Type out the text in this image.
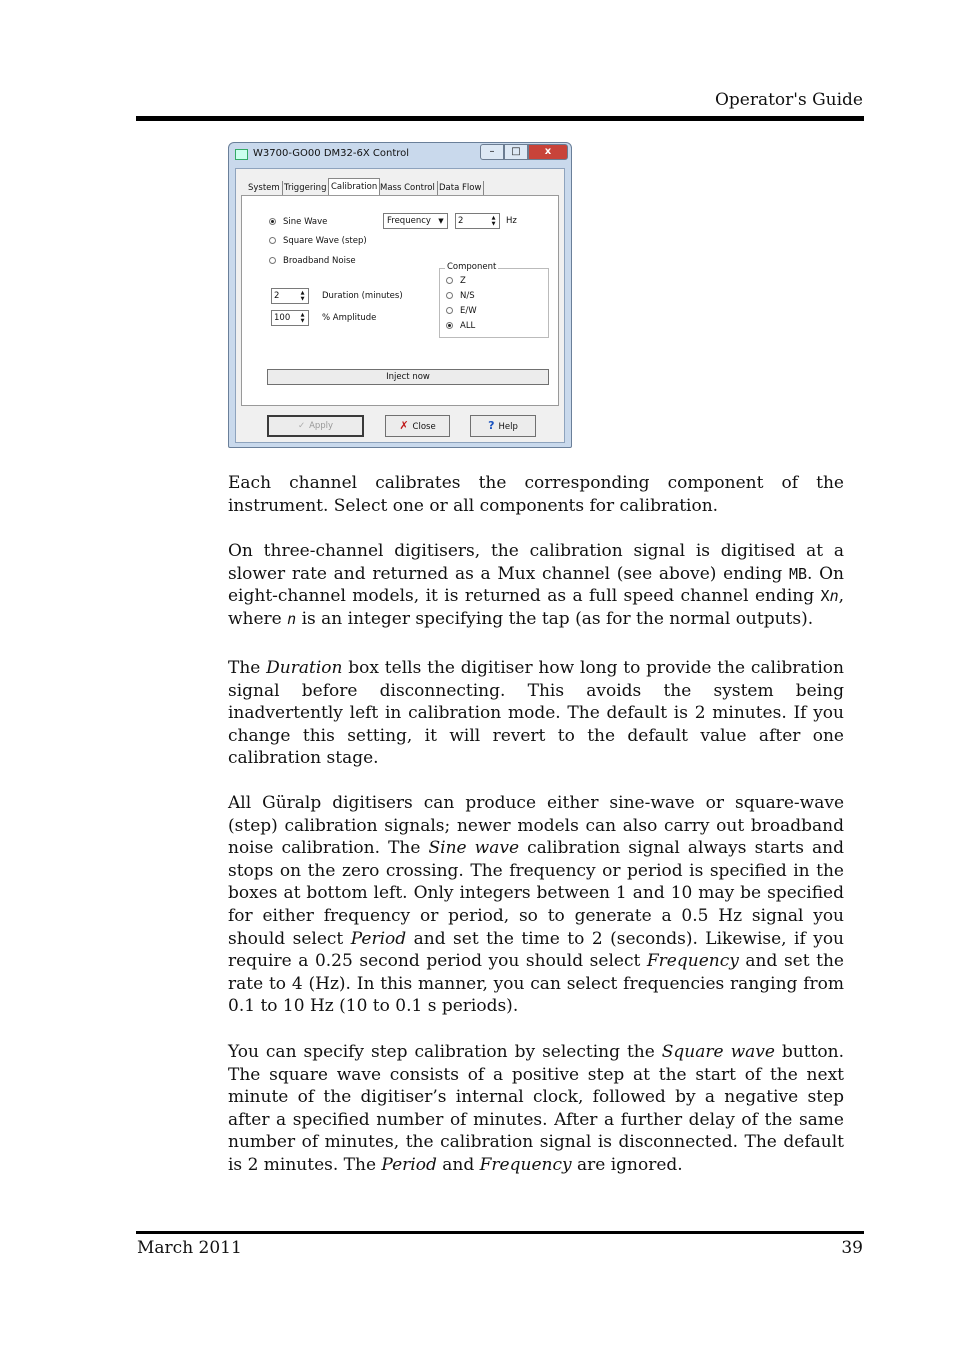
Operator's Guide
W3700-GO00 DM32-6X Control	–	□	x
System Triggering Calibration Mass Control Data Flow
Sine Wave
Square Wave (step)
Broadband Noise
Frequency	▼	2	▲
▼	Hz
2	▲
▼	Duration (minutes)
100	▲
▼	% Amplitude
Component
Z
N/S
E/W
ALL
Inject now
✓ Apply	✗ Close	? Help

Each channel calibrates the corresponding component of the instrument. Select one or all components for calibration.

On three-channel digitisers, the calibration signal is digitised at a slower rate and returned as a Mux channel (see above) ending MB. On eight-channel models, it is returned as a full speed channel ending Xn, where n is an integer specifying the tap (as for the normal outputs).

The Duration box tells the digitiser how long to provide the calibration signal before disconnecting. This avoids the system being inadvertently left in calibration mode. The default is 2 minutes. If you change this setting, it will revert to the default value after one calibration stage.

All Güralp digitisers can produce either sine-wave or square-wave (step) calibration signals; newer models can also carry out broadband noise calibration. The Sine wave calibration signal always starts and stops on the zero crossing. The frequency or period is specified in the boxes at bottom left. Only integers between 1 and 10 may be specified for either frequency or period, so to generate a 0.5 Hz signal you should select Period and set the time to 2 (seconds). Likewise, if you require a 0.25 second period you should select Frequency and set the rate to 4 (Hz). In this manner, you can select frequencies ranging from 0.1 to 10 Hz (10 to 0.1 s periods).

You can specify step calibration by selecting the Square wave button. The square wave consists of a positive step at the start of the next minute of the digitiser’s internal clock, followed by a negative step after a specified number of minutes. After a further delay of the same number of minutes, the calibration signal is disconnected. The default is 2 minutes. The Period and Frequency are ignored.

March 2011	39
